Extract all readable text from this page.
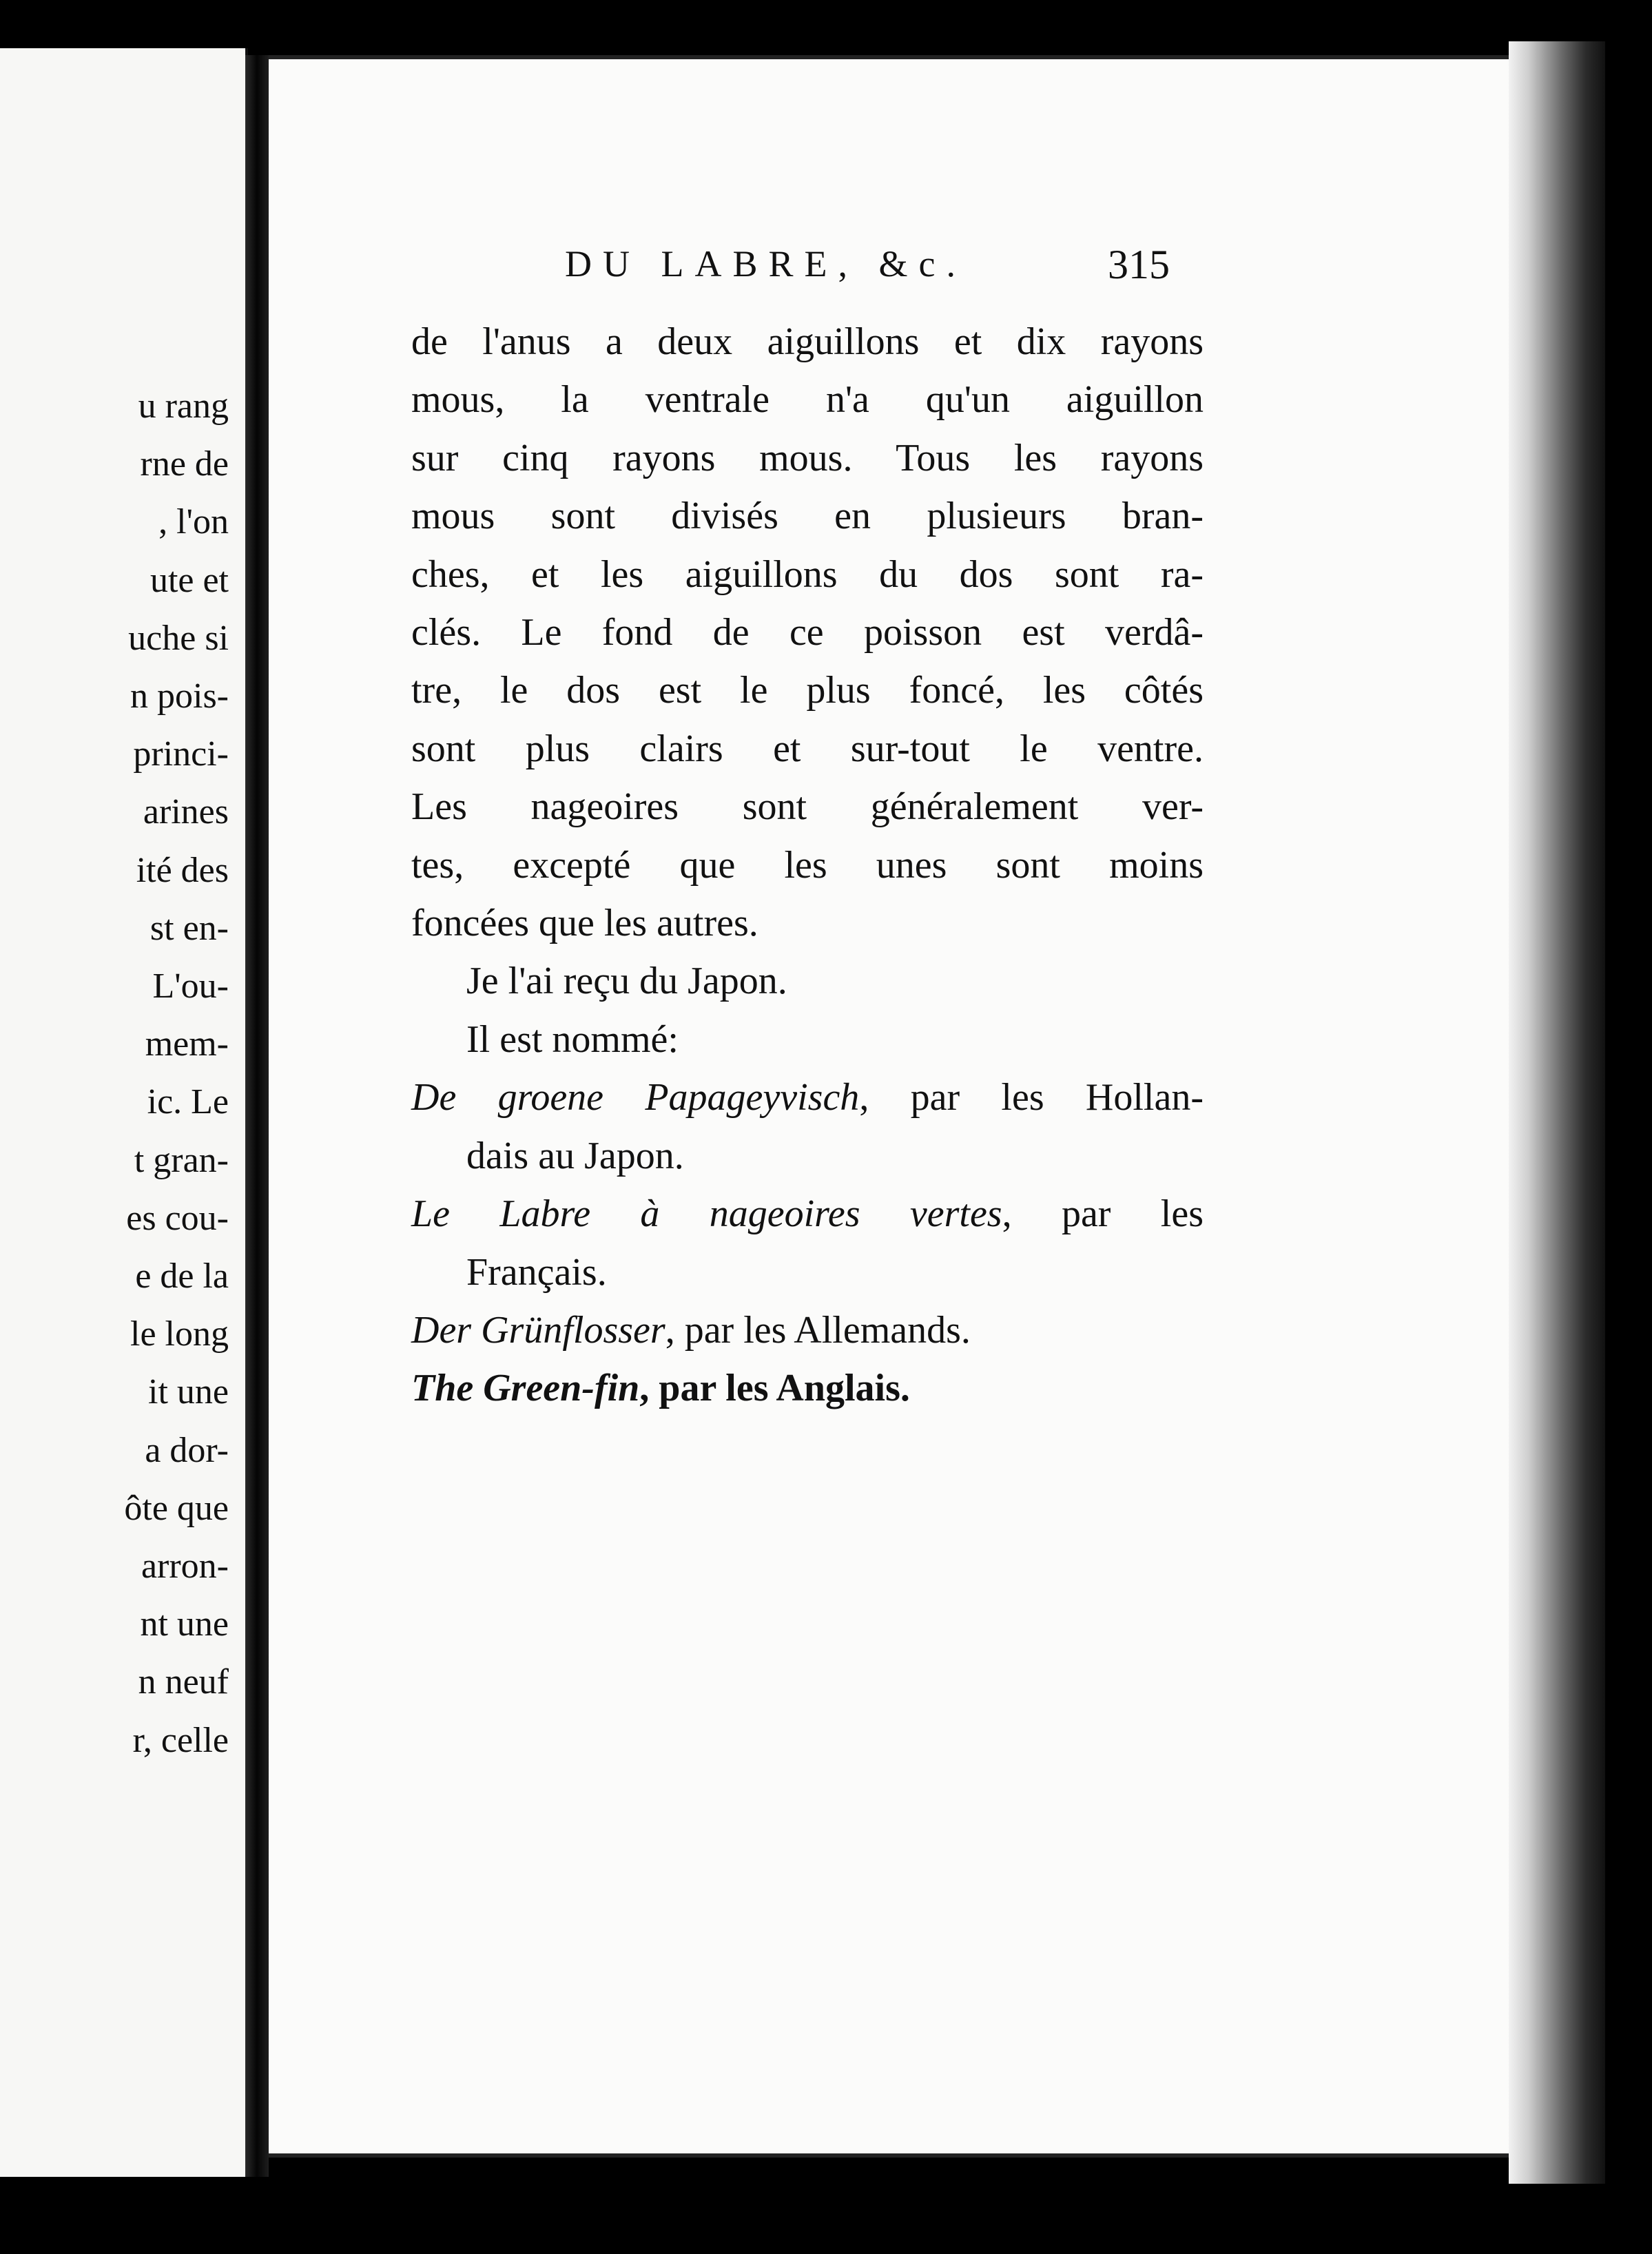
u rang
rne de
, l'on
ute et
uche si
n pois-
princi-
arines
ité des
st en-
L'ou-
mem-
ic. Le
t gran-
es cou-
e de la
le long
it une
a dor-
ôte que
arron-
nt une
n neuf
r, celle
DU LABRE, &c.	315
de l'anus a deux aiguillons et dix rayons
mous, la ventrale n'a qu'un aiguillon
sur cinq rayons mous. Tous les rayons
mous sont divisés en plusieurs bran-
ches, et les aiguillons du dos sont ra-
clés. Le fond de ce poisson est verdâ-
tre, le dos est le plus foncé, les côtés
sont plus clairs et sur-tout le ventre.
Les nageoires sont généralement ver-
tes, excepté que les unes sont moins
foncées que les autres.
Je l'ai reçu du Japon.
Il est nommé:
De groene Papageyvisch, par les Hollan-
dais au Japon.
Le Labre à nageoires vertes, par les
Français.
Der Grünflosser, par les Allemands.
The Green-fin, par les Anglais.
